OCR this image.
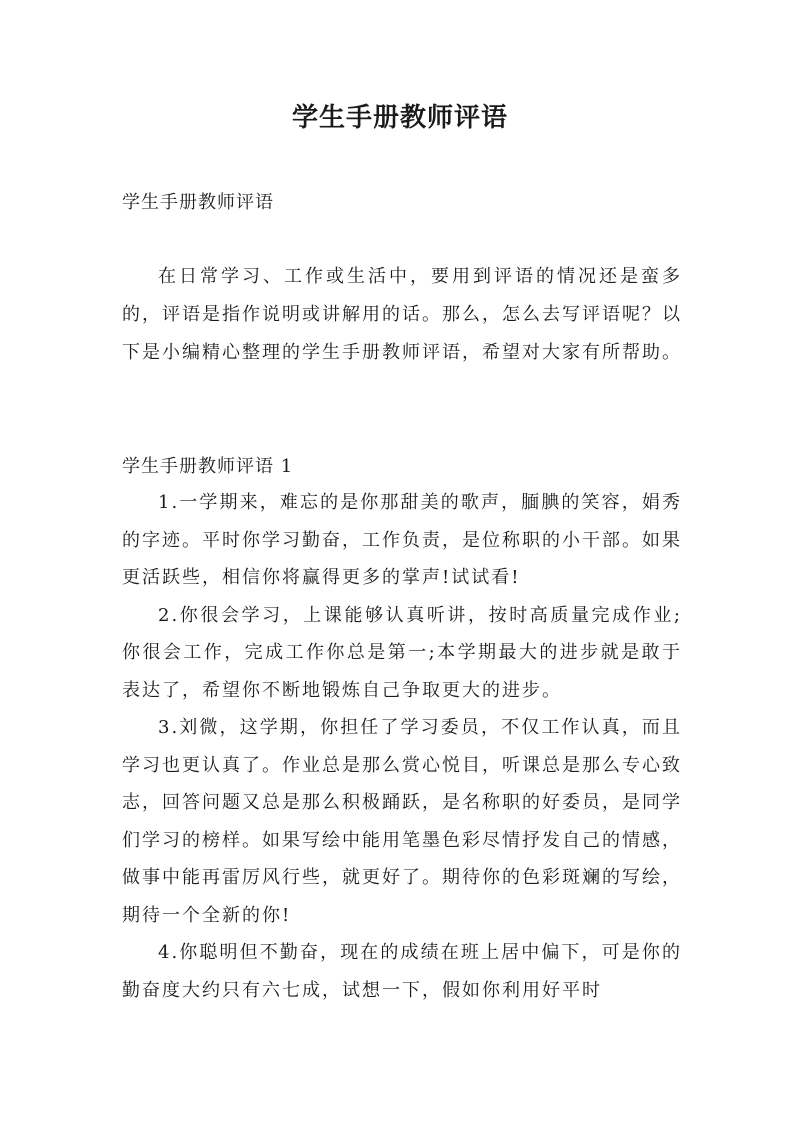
学生手册教师评语
学生手册教师评语

在日常学习、工作或生活中，要用到评语的情况还是蛮多的，评语是指作说明或讲解用的话。那么，怎么去写评语呢？以下是小编精心整理的学生手册教师评语，希望对大家有所帮助。

学生手册教师评语 1

1.一学期来，难忘的是你那甜美的歌声，腼腆的笑容，娟秀的字迹。平时你学习勤奋，工作负责，是位称职的小干部。如果更活跃些，相信你将赢得更多的掌声!试试看!

2.你很会学习，上课能够认真听讲，按时高质量完成作业;你很会工作，完成工作你总是第一;本学期最大的进步就是敢于表达了，希望你不断地锻炼自己争取更大的进步。

3.刘微，这学期，你担任了学习委员，不仅工作认真，而且学习也更认真了。作业总是那么赏心悦目，听课总是那么专心致志，回答问题又总是那么积极踊跃，是名称职的好委员，是同学们学习的榜样。如果写绘中能用笔墨色彩尽情抒发自己的情感，做事中能再雷厉风行些，就更好了。期待你的色彩斑斓的写绘，期待一个全新的你!

4.你聪明但不勤奋，现在的成绩在班上居中偏下，可是你的勤奋度大约只有六七成，试想一下，假如你利用好平时
